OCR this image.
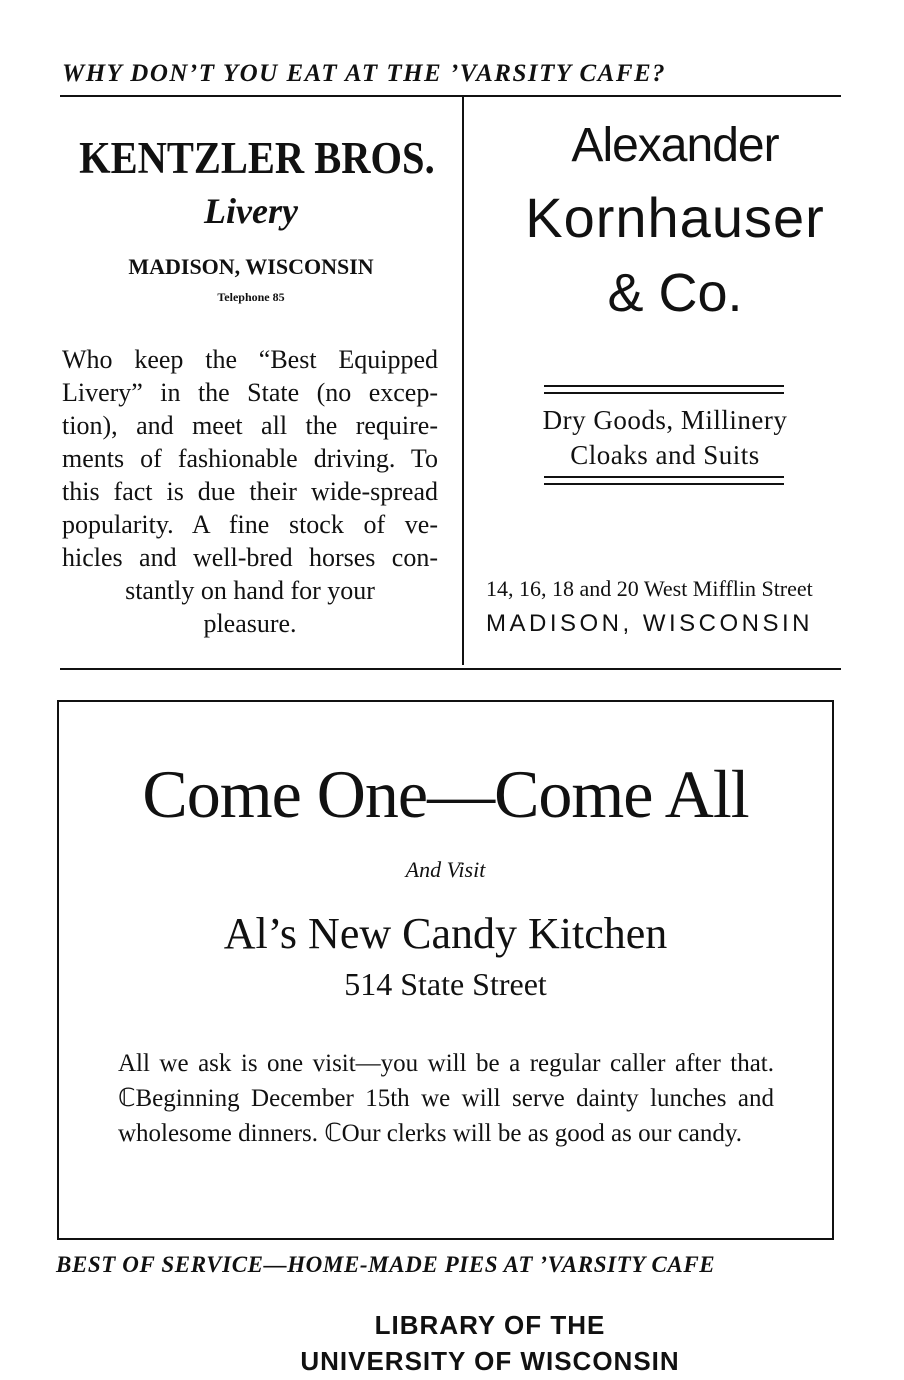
WHY DON’T YOU EAT AT THE ’VARSITY CAFE?
KENTZLER BROS.
Livery
MADISON, WISCONSIN
Telephone 85
Who keep the “Best Equipped
Livery” in the State (no excep-
tion), and meet all the require-
ments of fashionable driving. To
this fact is due their wide-spread
popularity. A fine stock of ve-
hicles and well-bred horses con-
stantly on hand for your
pleasure.
Alexander
Kornhauser
& Co.
Dry Goods, Millinery
Cloaks and Suits
14, 16, 18 and 20 West Mifflin Street
MADISON, WISCONSIN
Come One—Come All
And Visit
Al’s New Candy Kitchen
514 State Street

All we ask is one visit—you will be a regular caller after that. ℂBeginning December 15th we will serve dainty lunches and wholesome dinners. ℂOur clerks will be as good as our candy.

BEST OF SERVICE—HOME-MADE PIES AT ’VARSITY CAFE
LIBRARY OF THE
UNIVERSITY OF WISCONSIN
